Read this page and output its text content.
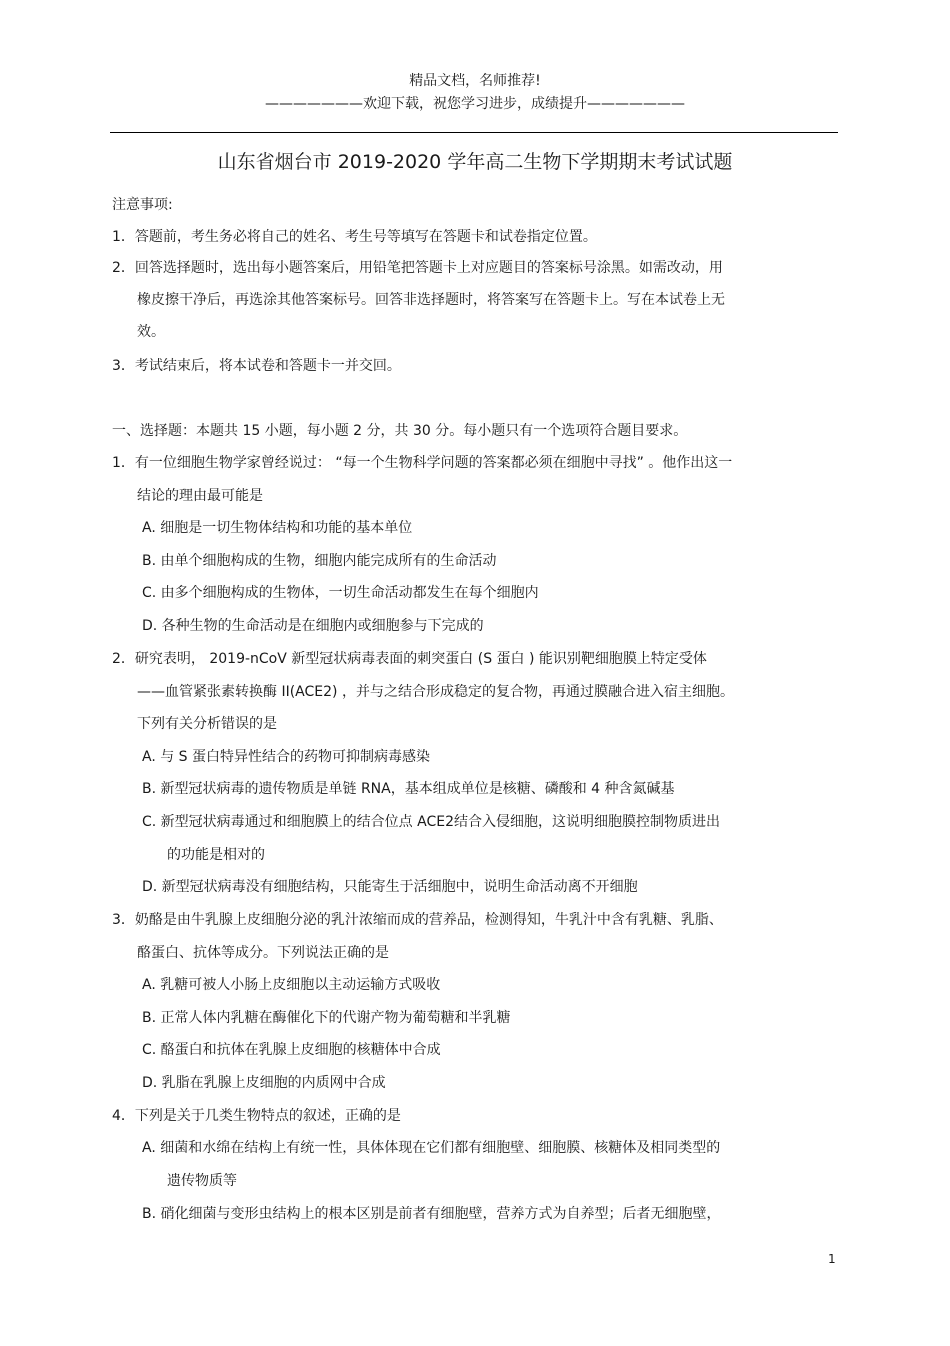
精品文档，名师推荐!
———————欢迎下载，祝您学习进步，成绩提升———————
山东省烟台市 2019-2020 学年高二生物下学期期末考试试题
注意事项:
1．答题前，考生务必将自己的姓名、考生号等填写在答题卡和试卷指定位置。
2．回答选择题时，选出每小题答案后，用铅笔把答题卡上对应题目的答案标号涂黑。如需改动，用
橡皮擦干净后，再选涂其他答案标号。回答非选择题时，将答案写在答题卡上。写在本试卷上无
效。
3．考试结束后，将本试卷和答题卡一并交回。
一、选择题：本题共 15 小题，每小题 2 分，共 30 分。每小题只有一个选项符合题目要求。
1．有一位细胞生物学家曾经说过： “每一个生物科学问题的答案都必须在细胞中寻找” 。他作出这一
结论的理由最可能是
A. 细胞是一切生物体结构和功能的基本单位
B. 由单个细胞构成的生物，细胞内能完成所有的生命活动
C. 由多个细胞构成的生物体，一切生命活动都发生在每个细胞内
D. 各种生物的生命活动是在细胞内或细胞参与下完成的
2．研究表明， 2019-nCoV 新型冠状病毒表面的刺突蛋白 (S 蛋白 ) 能识别靶细胞膜上特定受体
——血管紧张素转换酶 II(ACE2) ，并与之结合形成稳定的复合物，再通过膜融合进入宿主细胞。
下列有关分析错误的是
A. 与 S 蛋白特异性结合的药物可抑制病毒感染
B. 新型冠状病毒的遗传物质是单链 RNA，基本组成单位是核糖、磷酸和 4 种含氮碱基
C. 新型冠状病毒通过和细胞膜上的结合位点 ACE2结合入侵细胞，这说明细胞膜控制物质进出
的功能是相对的
D. 新型冠状病毒没有细胞结构，只能寄生于活细胞中，说明生命活动离不开细胞
3．奶酪是由牛乳腺上皮细胞分泌的乳汁浓缩而成的营养品，检测得知，牛乳汁中含有乳糖、乳脂、
酪蛋白、抗体等成分。下列说法正确的是
A. 乳糖可被人小肠上皮细胞以主动运输方式吸收
B. 正常人体内乳糖在酶催化下的代谢产物为葡萄糖和半乳糖
C. 酪蛋白和抗体在乳腺上皮细胞的核糖体中合成
D. 乳脂在乳腺上皮细胞的内质网中合成
4．下列是关于几类生物特点的叙述，正确的是
A. 细菌和水绵在结构上有统一性，具体体现在它们都有细胞壁、细胞膜、核糖体及相同类型的
遗传物质等
B. 硝化细菌与变形虫结构上的根本区别是前者有细胞壁，营养方式为自养型；后者无细胞壁，
1
